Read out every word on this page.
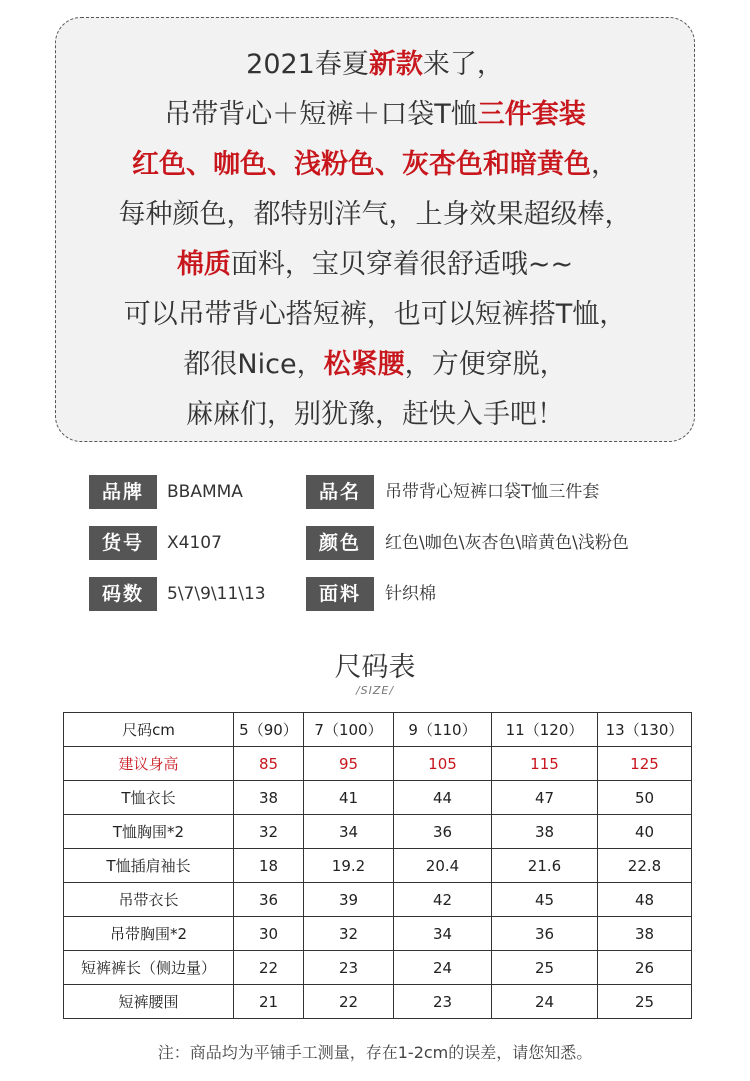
2021春夏新款来了，
吊带背心＋短裤＋口袋T恤三件套装
红色、咖色、浅粉色、灰杏色和暗黄色，
每种颜色，都特别洋气，上身效果超级棒，
棉质面料，宝贝穿着很舒适哦~~
可以吊带背心搭短裤，也可以短裤搭T恤，
都很Nice，松紧腰，方便穿脱，
麻麻们，别犹豫，赶快入手吧！
品牌	BBAMMA	品名	吊带背心短裤口袋T恤三件套
货号	X4107	颜色	红色\咖色\灰杏色\暗黄色\浅粉色
码数	5\7\9\11\13	面料	针织棉
尺码表
/SIZE/
尺码cm	5（90）	7（100）	9（110）	11（120）	13（130）
建议身高	85	95	105	115	125
T恤衣长	38	41	44	47	50
T恤胸围*2	32	34	36	38	40
T恤插肩袖长	18	19.2	20.4	21.6	22.8
吊带衣长	36	39	42	45	48
吊带胸围*2	30	32	34	36	38
短裤裤长（侧边量）	22	23	24	25	26
短裤腰围	21	22	23	24	25
注：商品均为平铺手工测量，存在1-2cm的误差，请您知悉。
